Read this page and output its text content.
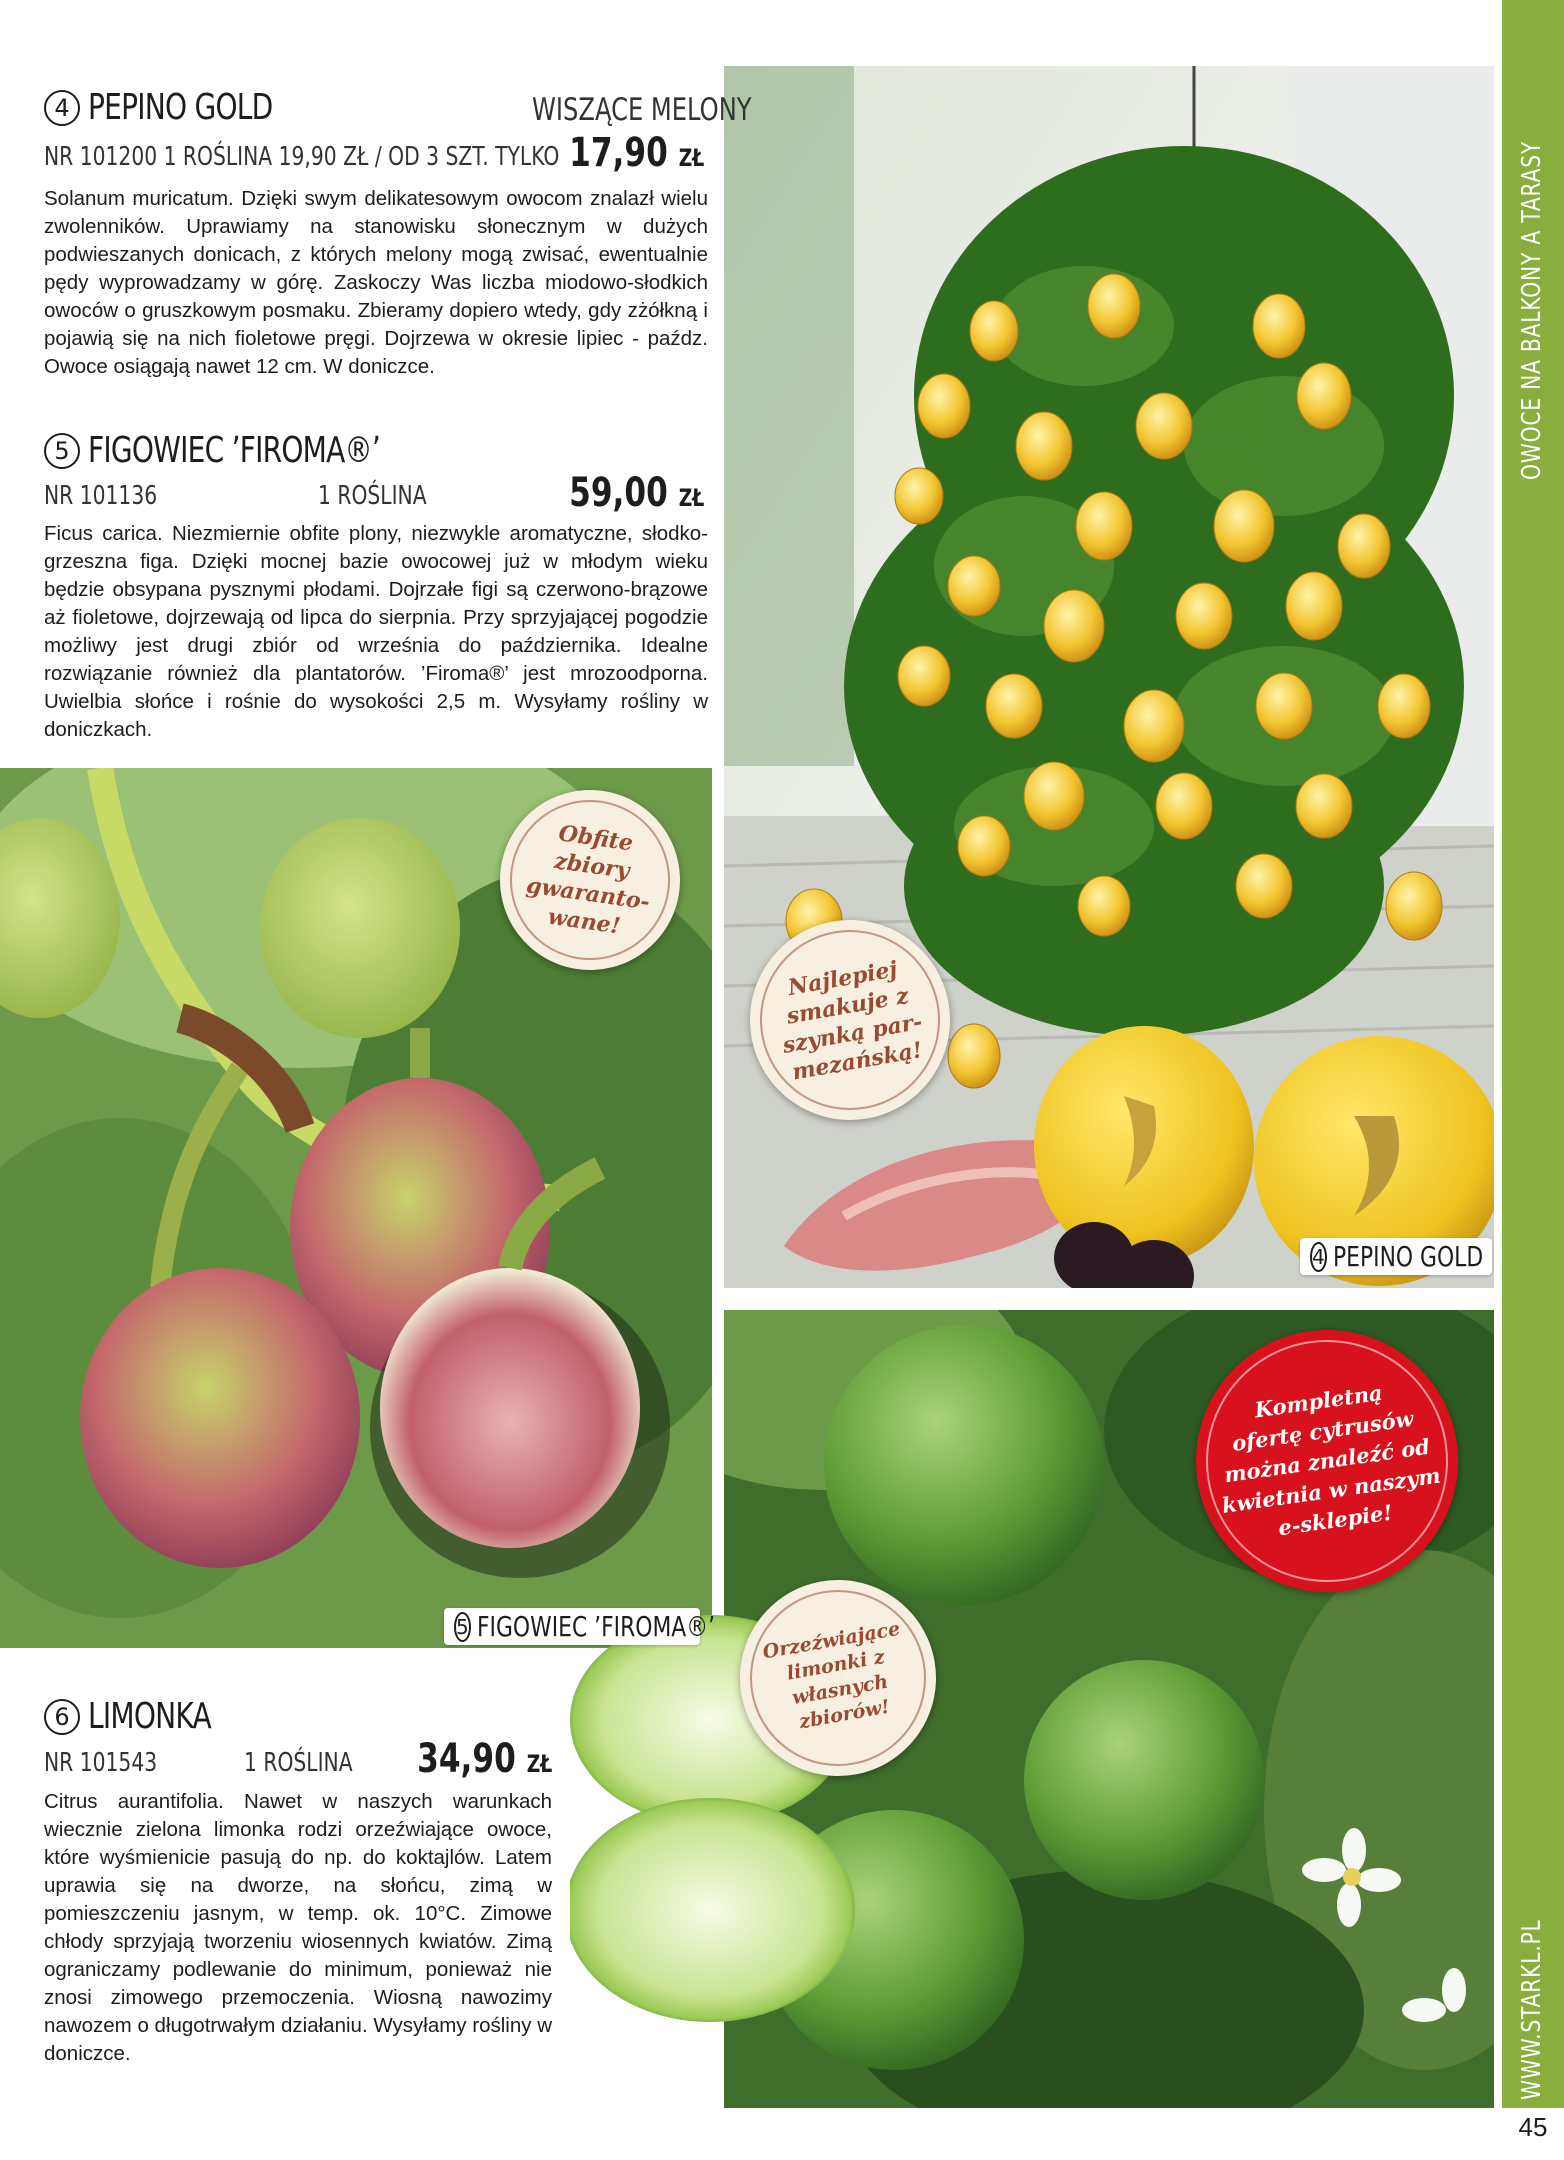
4 PEPINO GOLD	WISZĄCE MELONY
NR 101200 1 ROŚLINA 19,90 ZŁ / OD 3 SZT. TYLKO 17,90 ZŁ
Solanum muricatum. Dzięki swym delikatesowym owocom znalazł wielu zwolenników. Uprawiamy na stanowisku słonecznym w dużych podwieszanych donicach, z których melony mogą zwisać, ewentualnie pędy wyprowadzamy w górę. Zaskoczy Was liczba miodowo-słodkich owoców o gruszkowym posmaku. Zbieramy dopiero wtedy, gdy zżółkną i pojawią się na nich fioletowe pręgi. Dojrzewa w okresie lipiec - paźdz. Owoce osiągają nawet 12 cm. W doniczce.
5 FIGOWIEC ’FIROMA®’
NR 101136	1 ROŚLINA	59,00 ZŁ
Ficus carica. Niezmiernie obfite plony, niezwykle aromatyczne, słodko-grzeszna figa. Dzięki mocnej bazie owocowej już w młodym wieku będzie obsypana pysznymi płodami. Dojrzałe figi są czerwono-brązowe aż fioletowe, dojrzewają od lipca do sierpnia. Przy sprzyjającej pogodzie możliwy jest drugi zbiór od września do października. Idealne rozwiązanie również dla plantatorów. ’Firoma®’ jest mrozoodporna. Uwielbia słońce i rośnie do wysokości 2,5 m. Wysyłamy rośliny w doniczkach.
6 LIMONKA
NR 101543	1 ROŚLINA 34,90 ZŁ
Citrus aurantifolia. Nawet w naszych warunkach wiecznie zielona limonka rodzi orzeźwiające owoce, które wyśmienicie pasują do np. do koktajlów. Latem uprawia się na dworze, na słońcu, zimą w pomieszczeniu jasnym, w temp. ok. 10°C. Zimowe chłody sprzyjają tworzeniu wiosennych kwiatów. Zimą ograniczamy podlewanie do minimum, ponieważ nie znosi zimowego przemoczenia. Wiosną nawozimy nawozem o długotrwałym działaniu. Wysyłamy rośliny w doniczce.
4 PEPINO GOLD
5 FIGOWIEC ’FIROMA®’
Obfite
zbiory
gwaranto-
wane!
Najlepiej
smakuje z
szynką par-
mezańską!
Kompletną
ofertę cytrusów
można znaleźć od
kwietnia w naszym
e-sklepie!
Orzeźwiające
limonki z
własnych
zbiorów!
OWOCE NA BALKONY A TARASY
WWW.STARKL.PL
45
